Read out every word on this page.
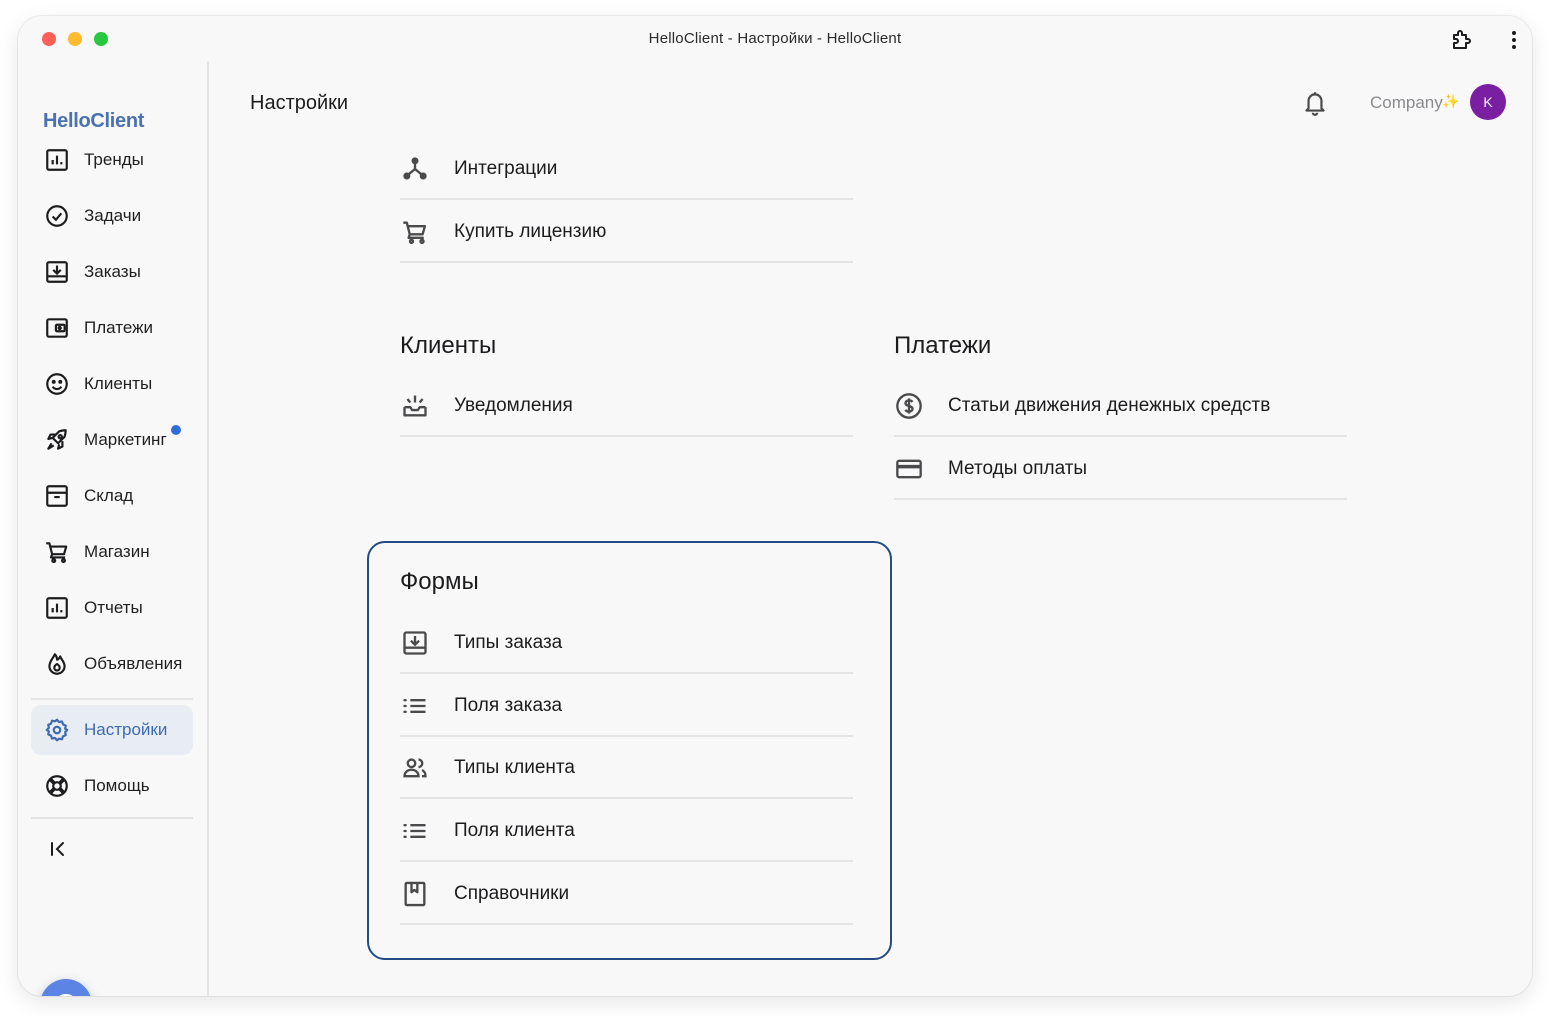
HelloClient - Настройки - HelloClient
HelloClient
Тренды
Задачи
Заказы
Платежи
Клиенты
Маркетинг
Склад
Магазин
Отчеты
Объявления
Настройки
Помощь
Настройки	Company ✨	K
Интеграции
Купить лицензию
Клиенты
Уведомления
Платежи
Статьи движения денежных средств
Методы оплаты
Формы
Типы заказа
Поля заказа
Типы клиента
Поля клиента
Справочники
